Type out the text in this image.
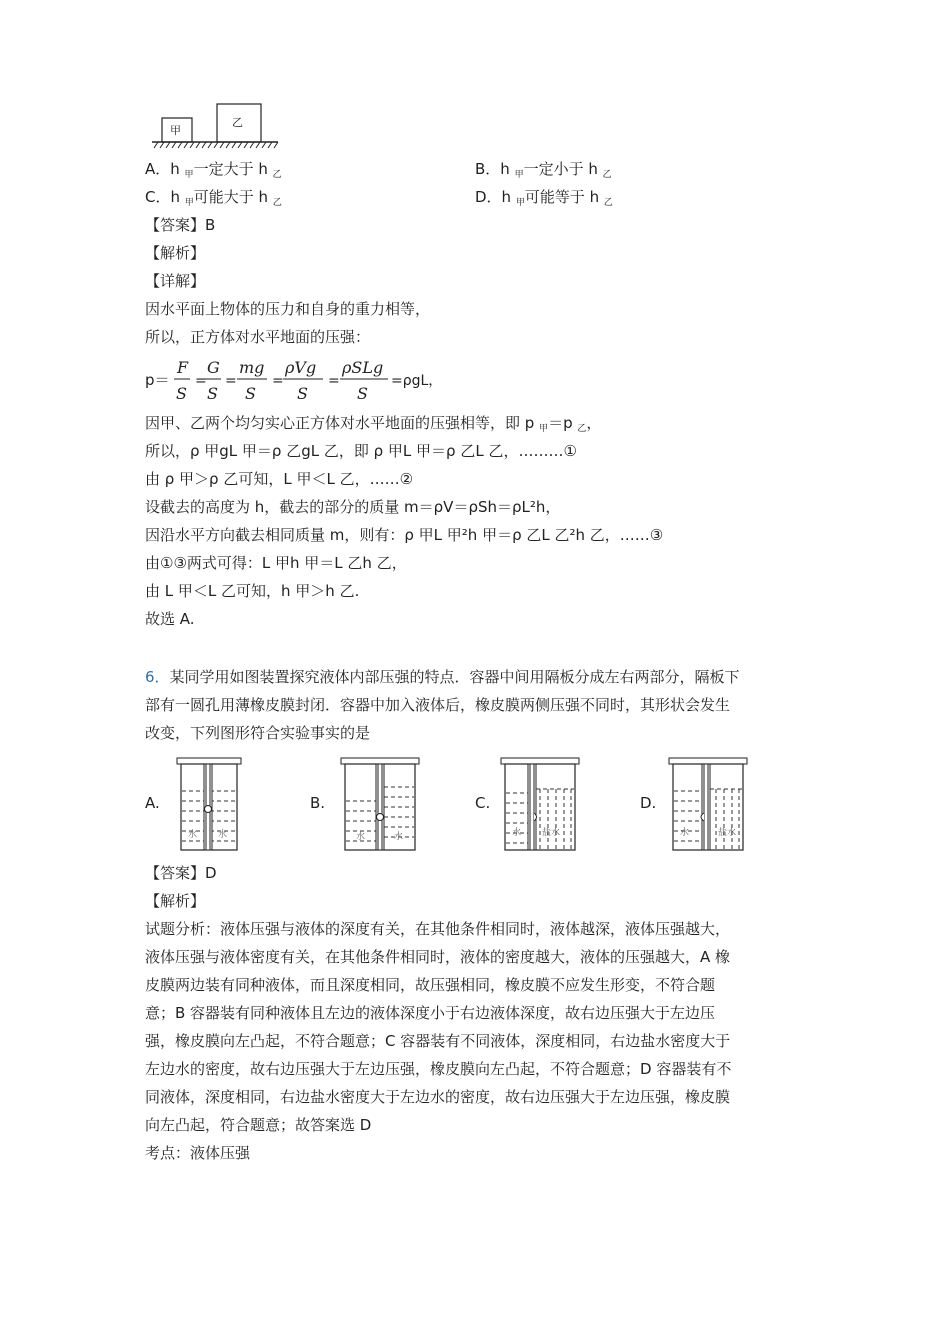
甲
乙
A．h $_甲$一定大于 h $_乙$	B．h $_甲$一定小于 h $_乙$
C．h $_甲$可能大于 h $_乙$	D．h $_甲$可能等于 h $_乙$
【答案】B
【解析】
【详解】
因水平面上物体的压力和自身的重力相等，
所以，正方体对水平地面的压强：
p＝
F
S
=
G
S
=
mg
S
=
ρVg
S
=
ρSLg
S
=ρgL，
因甲、乙两个均匀实心正方体对水平地面的压强相等，即 p $_甲$＝p $_乙$，
所以，ρ 甲gL 甲＝ρ 乙gL 乙，即 ρ 甲L 甲＝ρ 乙L 乙，………①
由 ρ 甲＞ρ 乙可知，L 甲＜L 乙，……②
设截去的高度为 h，截去的部分的质量 m＝ρV＝ρSh＝ρL²h，
因沿水平方向截去相同质量 m，则有：ρ 甲L 甲²h 甲＝ρ 乙L 乙²h 乙，……③
由①③两式可得：L 甲h 甲＝L 乙h 乙，
由 L 甲＜L 乙可知，h 甲＞h 乙.
故选 A.
6．某同学用如图装置探究液体内部压强的特点．容器中间用隔板分成左右两部分，隔板下
部有一圆孔用薄橡皮膜封闭．容器中加入液体后，橡皮膜两侧压强不同时，其形状会发生
改变，下列图形符合实验事实的是
A.	B.	C.	D.
水 水	水	水	水 盐水	水	盐水
【答案】D
【解析】
试题分析：液体压强与液体的深度有关，在其他条件相同时，液体越深，液体压强越大，
液体压强与液体密度有关，在其他条件相同时，液体的密度越大，液体的压强越大，A 橡
皮膜两边装有同种液体，而且深度相同，故压强相同，橡皮膜不应发生形变，不符合题
意；B 容器装有同种液体且左边的液体深度小于右边液体深度，故右边压强大于左边压
强，橡皮膜向左凸起，不符合题意；C 容器装有不同液体，深度相同，右边盐水密度大于
左边水的密度，故右边压强大于左边压强，橡皮膜向左凸起，不符合题意；D 容器装有不
同液体，深度相同，右边盐水密度大于左边水的密度，故右边压强大于左边压强，橡皮膜
向左凸起，符合题意；故答案选 D
考点：液体压强
